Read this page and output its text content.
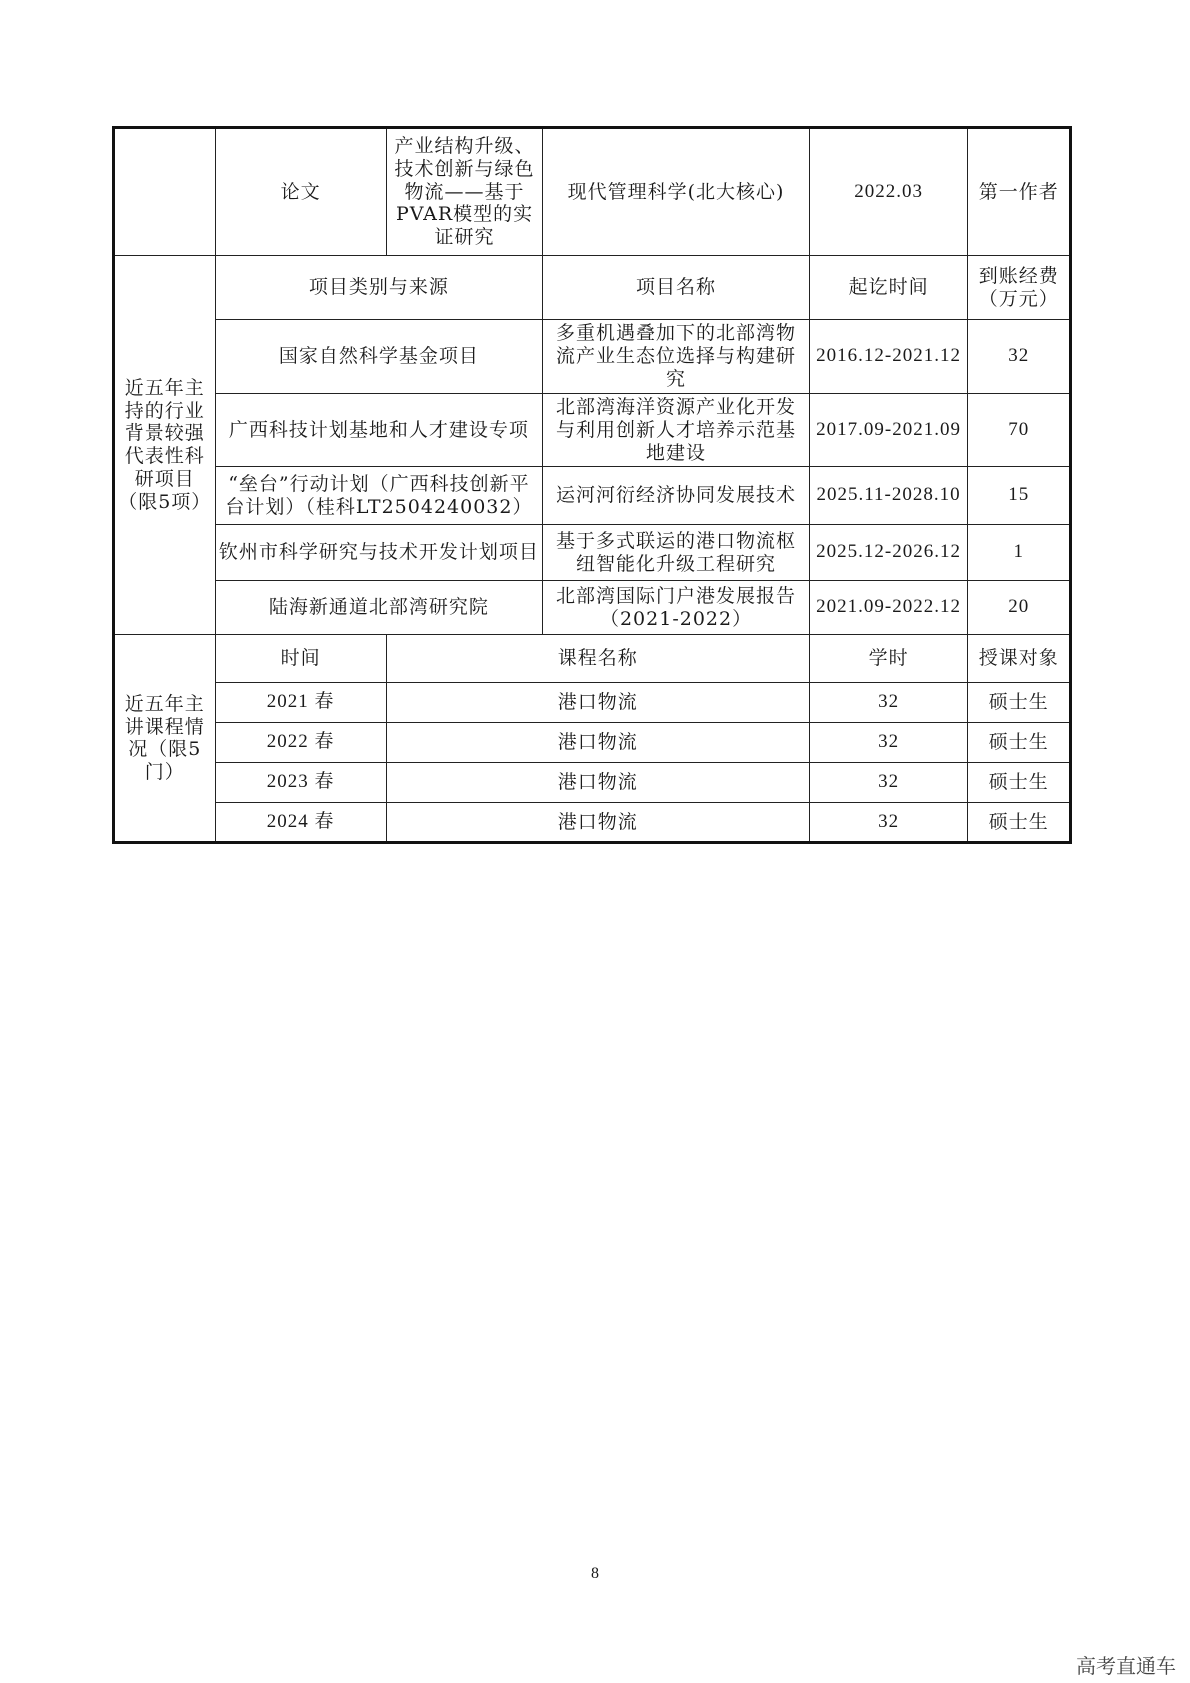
	论文	产业结构升级、技术创新与绿色物流——基于PVAR模型的实证研究	现代管理科学(北大核心)	2022.03	第一作者
近五年主持的行业背景较强代表性科研项目（限5项）	项目类别与来源		项目名称	起讫时间	到账经费（万元）
	国家自然科学基金项目		多重机遇叠加下的北部湾物流产业生态位选择与构建研究	2016.12-2021.12	32
	广西科技计划基地和人才建设专项		北部湾海洋资源产业化开发与利用创新人才培养示范基地建设	2017.09-2021.09	70
	“垒台”行动计划（广西科技创新平台计划）（桂科LT2504240032）		运河河衍经济协同发展技术	2025.11-2028.10	15
	钦州市科学研究与技术开发计划项目		基于多式联运的港口物流枢纽智能化升级工程研究	2025.12-2026.12	1
	陆海新通道北部湾研究院		北部湾国际门户港发展报告（2021-2022）	2021.09-2022.12	20
近五年主讲课程情况（限5门）	时间	课程名称		学时	授课对象
	2021 春	港口物流		32	硕士生
	2022 春	港口物流		32	硕士生
	2023 春	港口物流		32	硕士生
	2024 春	港口物流		32	硕士生
8
高考直通车
